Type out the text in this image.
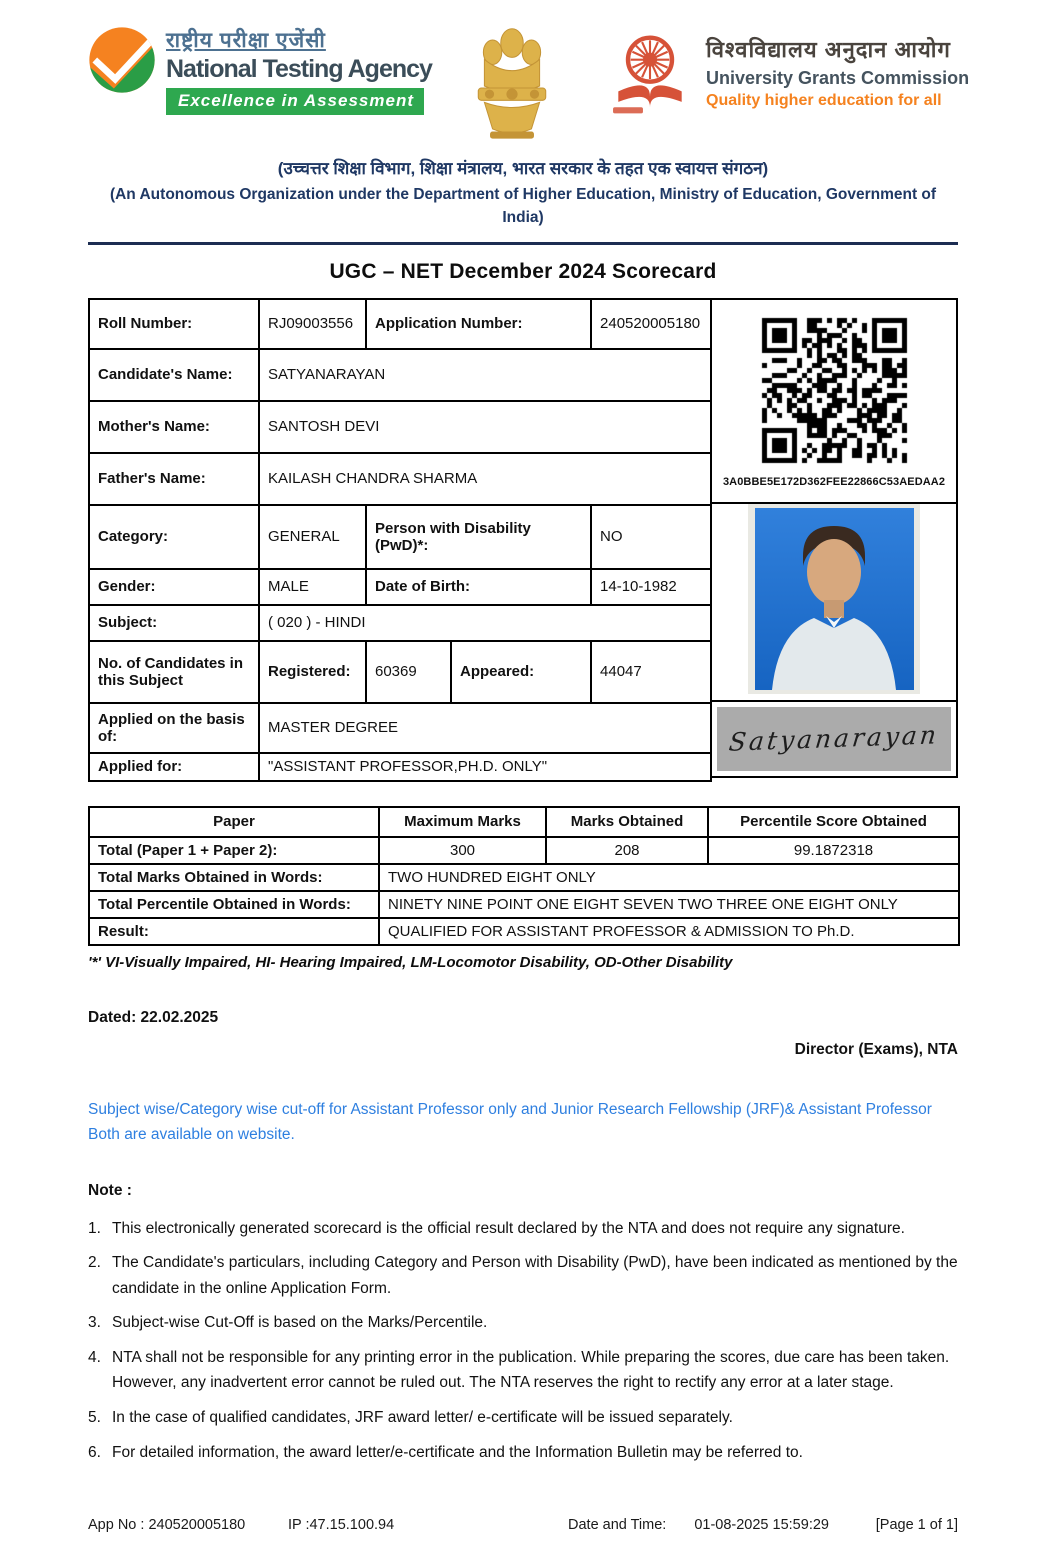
राष्ट्रीय परीक्षा एजेंसी
National Testing Agency
Excellence in Assessment
विश्वविद्यालय अनुदान आयोग
University Grants Commission
Quality higher education for all
(उच्चत्तर शिक्षा विभाग, शिक्षा मंत्रालय, भारत सरकार के तहत एक स्वायत्त संगठन)
(An Autonomous Organization under the Department of Higher Education, Ministry of Education, Government of India)
UGC – NET December 2024 Scorecard
Roll Number:	RJ09003556	Application Number:		240520005180
Candidate's Name:	SATYANARAYAN			
Mother's Name:	SANTOSH DEVI			
Father's Name:	KAILASH CHANDRA SHARMA			
Category:	GENERAL	Person with Disability (PwD)*:		NO
Gender:	MALE	Date of Birth:		14-10-1982
Subject:	( 020 ) - HINDI			
No. of Candidates in this Subject	Registered:	60369	Appeared:	44047
Applied on the basis of:	MASTER DEGREE			
Applied for:	"ASSISTANT PROFESSOR,PH.D. ONLY"			
3A0BBE5E172D362FEE22866C53AEDAA2
Satyanarayan
Paper	Maximum Marks	Marks Obtained	Percentile Score Obtained
Total (Paper 1 + Paper 2):	300	208	99.1872318
Total Marks Obtained in Words:	TWO HUNDRED EIGHT ONLY		
Total Percentile Obtained in Words:	NINETY NINE POINT ONE EIGHT SEVEN TWO THREE ONE EIGHT ONLY		
Result:	QUALIFIED FOR ASSISTANT PROFESSOR & ADMISSION TO Ph.D.		
'*' VI-Visually Impaired, HI- Hearing Impaired, LM-Locomotor Disability, OD-Other Disability
Dated: 22.02.2025
Director (Exams), NTA
Subject wise/Category wise cut-off for Assistant Professor only and Junior Research Fellowship (JRF)& Assistant Professor Both are available on website.
Note :
1. This electronically generated scorecard is the official result declared by the NTA and does not require any signature.
2. The Candidate's particulars, including Category and Person with Disability (PwD), have been indicated as mentioned by the candidate in the online Application Form.
3. Subject-wise Cut-Off is based on the Marks/Percentile.
4. NTA shall not be responsible for any printing error in the publication. While preparing the scores, due care has been taken. However, any inadvertent error cannot be ruled out. The NTA reserves the right to rectify any error at a later stage.
5. In the case of qualified candidates, JRF award letter/ e-certificate will be issued separately.
6. For detailed information, the award letter/e-certificate and the Information Bulletin may be referred to.
App No : 240520005180	IP :47.15.100.94	Date and Time: 01-08-2025 15:59:29	[Page 1 of 1]
